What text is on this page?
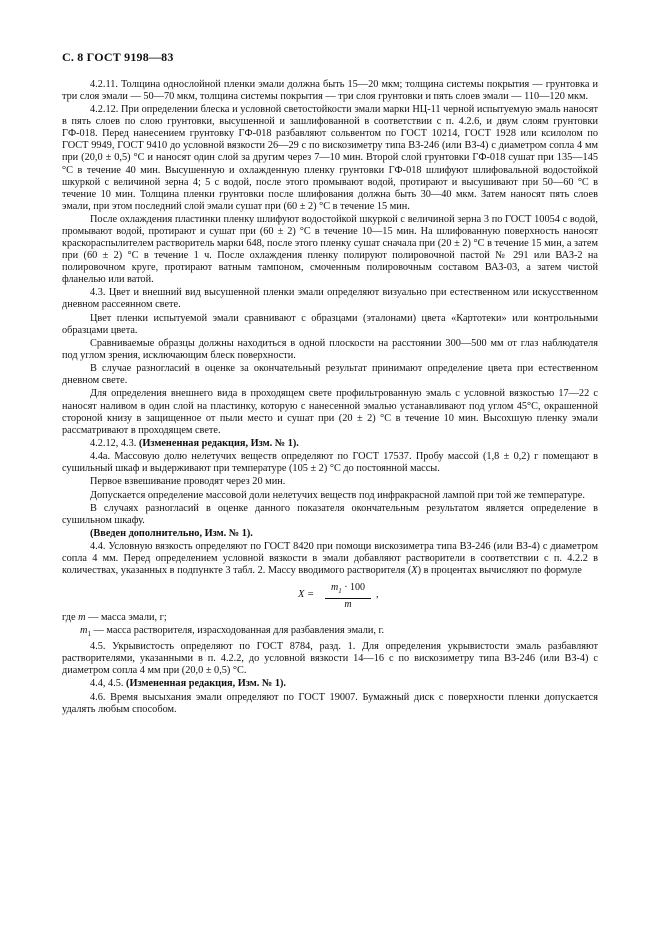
С. 8 ГОСТ 9198—83

4.2.11. Толщина однослойной пленки эмали должна быть 15—20 мкм; толщина системы покрытия — грунтовка и три слоя эмали — 50—70 мкм, толщина системы покрытия — три слоя грунтовки и пять слоев эмали — 110—120 мкм.

4.2.12. При определении блеска и условной светостойкости эмали марки НЦ-11 черной испытуемую эмаль наносят в пять слоев по слою грунтовки, высушенной и зашлифованной в соответствии с п. 4.2.6, и двум слоям грунтовки ГФ-018. Перед нанесением грунтовку ГФ-018 разбавляют сольвентом по ГОСТ 10214, ГОСТ 1928 или ксилолом по ГОСТ 9949, ГОСТ 9410 до условной вязкости 26—29 с по вискозиметру типа ВЗ-246 (или ВЗ-4) с диаметром сопла 4 мм при (20,0 ± 0,5) °С и наносят один слой за другим через 7—10 мин. Второй слой грунтовки ГФ-018 сушат при 135—145 °С в течение 40 мин. Высушенную и охлажденную пленку грунтовки ГФ-018 шлифуют шлифовальной водостойкой шкуркой с величиной зерна 4; 5 с водой, после этого промывают водой, протирают и высушивают при 50—60 °С в течение 10 мин. Толщина пленки грунтовки после шлифования должна быть 30—40 мкм. Затем наносят пять слоев эмали, при этом последний слой эмали сушат при (60 ± 2) °С в течение 15 мин.

После охлаждения пластинки пленку шлифуют водостойкой шкуркой с величиной зерна 3 по ГОСТ 10054 с водой, промывают водой, протирают и сушат при (60 ± 2) °С в течение 10—15 мин. На шлифованную поверхность наносят краскораспылителем растворитель марки 648, после этого пленку сушат сначала при (20 ± 2) °С в течение 15 мин, а затем при (60 ± 2) °С в течение 1 ч. После охлаждения пленку полируют полировочной пастой № 291 или ВАЗ-2 на полировочном круге, протирают ватным тампоном, смоченным полировочным составом ВАЗ-03, а затем чистой фланелью или ватой.

4.3. Цвет и внешний вид высушенной пленки эмали определяют визуально при естественном или искусственном дневном рассеянном свете.

Цвет пленки испытуемой эмали сравнивают с образцами (эталонами) цвета «Картотеки» или контрольными образцами цвета.

Сравниваемые образцы должны находиться в одной плоскости на расстоянии 300—500 мм от глаз наблюдателя под углом зрения, исключающим блеск поверхности.

В случае разногласий в оценке за окончательный результат принимают определение цвета при естественном дневном свете.

Для определения внешнего вида в проходящем свете профильтрованную эмаль с условной вязкостью 17—22 с наносят наливом в один слой на пластинку, которую с нанесенной эмалью устанавливают под углом 45°С, окрашенной стороной книзу в защищенное от пыли место и сушат при (20 ± 2) °С в течение 10 мин. Высохшую пленку эмали рассматривают в проходящем свете.

4.2.12, 4.3. (Измененная редакция, Изм. № 1).

4.4а. Массовую долю нелетучих веществ определяют по ГОСТ 17537. Пробу массой (1,8 ± 0,2) г помещают в сушильный шкаф и выдерживают при температуре (105 ± 2) °С до постоянной массы.

Первое взвешивание проводят через 20 мин.

Допускается определение массовой доли нелетучих веществ под инфракрасной лампой при той же температуре.

В случаях разногласий в оценке данного показателя окончательным результатом является определение в сушильном шкафу.

(Введен дополнительно, Изм. № 1).

4.4. Условную вязкость определяют по ГОСТ 8420 при помощи вискозиметра типа ВЗ-246 (или ВЗ-4) с диаметром сопла 4 мм. Перед определением условной вязкости в эмали добавляют растворители в соответствии с п. 4.2.2 в количествах, указанных в подпункте 3 табл. 2. Массу вводимого растворителя (X) в процентах вычисляют по формуле

$X = \frac{m_1 \cdot 100}{m}$ ,

где m — масса эмали, г;

$m_1$ — масса растворителя, израсходованная для разбавления эмали, г.

4.5. Укрывистость определяют по ГОСТ 8784, разд. 1. Для определения укрывистости эмаль разбавляют растворителями, указанными в п. 4.2.2, до условной вязкости 14—16 с по вискозиметру типа ВЗ-246 (или ВЗ-4) с диаметром сопла 4 мм при (20,0 ± 0,5) °С.

4.4, 4.5. (Измененная редакция, Изм. № 1).

4.6. Время высыхания эмали определяют по ГОСТ 19007. Бумажный диск с поверхности пленки допускается удалять любым способом.
